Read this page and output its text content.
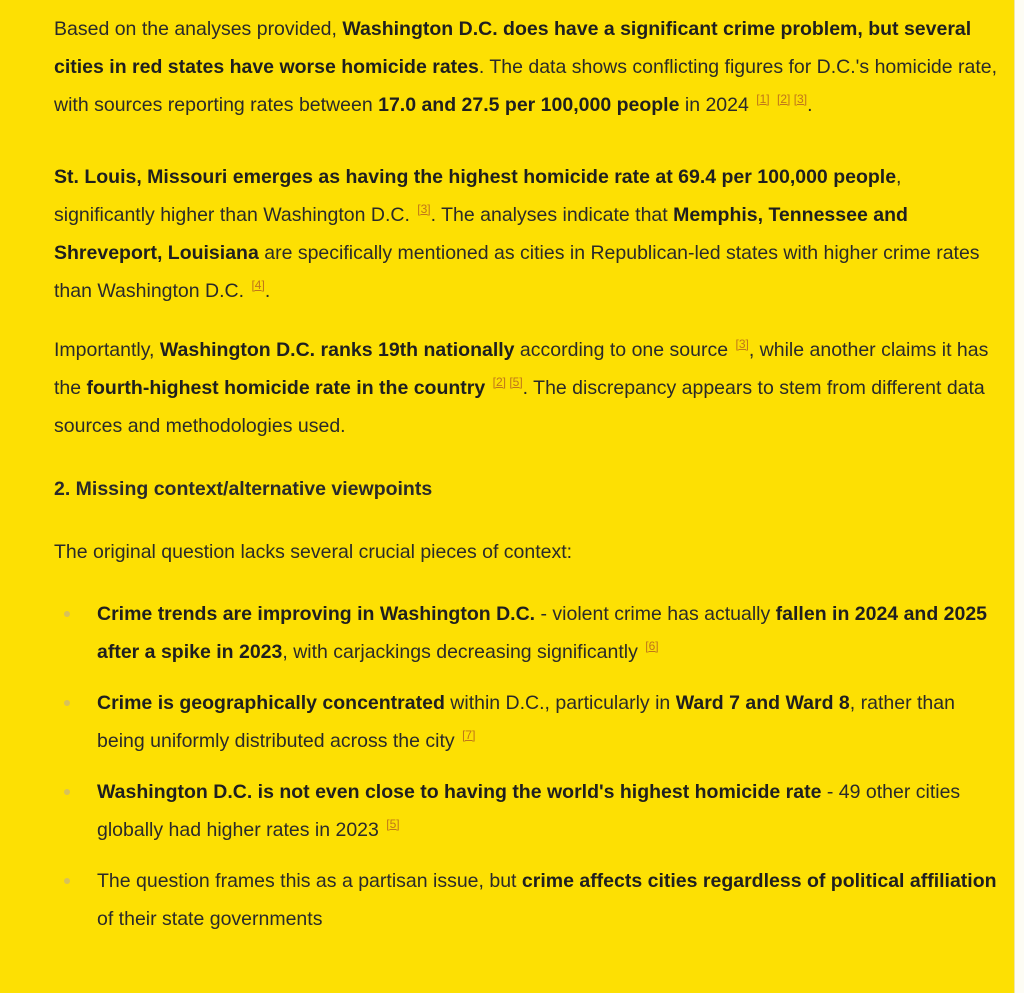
Based on the analyses provided, Washington D.C. does have a significant crime problem, but several cities in red states have worse homicide rates. The data shows conflicting figures for D.C.'s homicide rate, with sources reporting rates between 17.0 and 27.5 per 100,000 people in 2024 [1] [2] [3].

St. Louis, Missouri emerges as having the highest homicide rate at 69.4 per 100,000 people, significantly higher than Washington D.C. [3]. The analyses indicate that Memphis, Tennessee and Shreveport, Louisiana are specifically mentioned as cities in Republican-led states with higher crime rates than Washington D.C. [4].

Importantly, Washington D.C. ranks 19th nationally according to one source [3], while another claims it has the fourth-highest homicide rate in the country [2] [5]. The discrepancy appears to stem from different data sources and methodologies used.

2. Missing context/alternative viewpoints

The original question lacks several crucial pieces of context:

Crime trends are improving in Washington D.C. - violent crime has actually fallen in 2024 and 2025 after a spike in 2023, with carjackings decreasing significantly [6]
Crime is geographically concentrated within D.C., particularly in Ward 7 and Ward 8, rather than being uniformly distributed across the city [7]
Washington D.C. is not even close to having the world's highest homicide rate - 49 other cities globally had higher rates in 2023 [5]
The question frames this as a partisan issue, but crime affects cities regardless of political affiliation of their state governments
